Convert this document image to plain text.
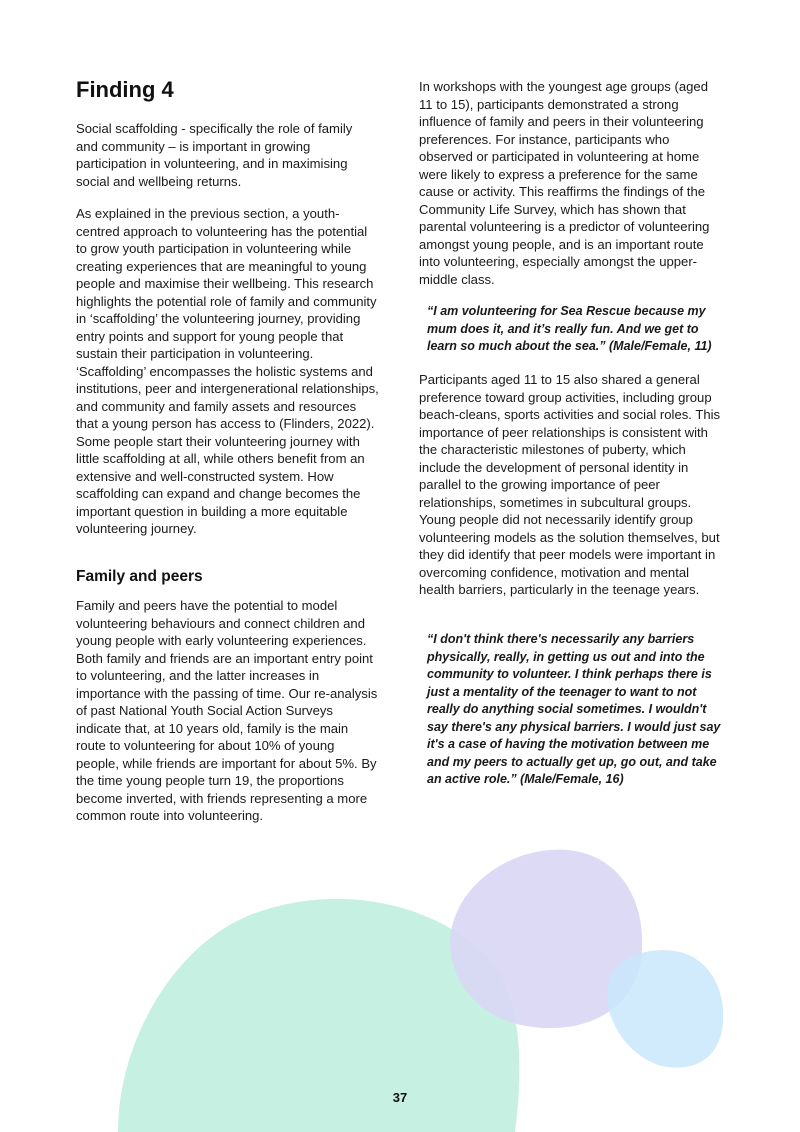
Finding 4

Social scaffolding - specifically the role of family and community – is important in growing participation in volunteering, and in maximising social and wellbeing returns.

As explained in the previous section, a youth-centred approach to volunteering has the potential to grow youth participation in volunteering while creating experiences that are meaningful to young people and maximise their wellbeing. This research highlights the potential role of family and community in ‘scaffolding’ the volunteering journey, providing entry points and support for young people that sustain their participation in volunteering. ‘Scaffolding’ encompasses the holistic systems and institutions, peer and intergenerational relationships, and community and family assets and resources that a young person has access to (Flinders, 2022). Some people start their volunteering journey with little scaffolding at all, while others benefit from an extensive and well-constructed system. How scaffolding can expand and change becomes the important question in building a more equitable volunteering journey.

Family and peers

Family and peers have the potential to model volunteering behaviours and connect children and young people with early volunteering experiences. Both family and friends are an important entry point to volunteering, and the latter increases in importance with the passing of time. Our re-analysis of past National Youth Social Action Surveys indicate that, at 10 years old, family is the main route to volunteering for about 10% of young people, while friends are important for about 5%. By the time young people turn 19, the proportions become inverted, with friends representing a more common route into volunteering.

In workshops with the youngest age groups (aged 11 to 15), participants demonstrated a strong influence of family and peers in their volunteering preferences. For instance, participants who observed or participated in volunteering at home were likely to express a preference for the same cause or activity. This reaffirms the findings of the Community Life Survey, which has shown that parental volunteering is a predictor of volunteering amongst young people, and is an important route into volunteering, especially amongst the upper-middle class.

“I am volunteering for Sea Rescue because my mum does it, and it’s really fun. And we get to learn so much about the sea.” (Male/Female, 11)

Participants aged 11 to 15 also shared a general preference toward group activities, including group beach-cleans, sports activities and social roles. This importance of peer relationships is consistent with the characteristic milestones of puberty, which include the development of personal identity in parallel to the growing importance of peer relationships, sometimes in subcultural groups. Young people did not necessarily identify group volunteering models as the solution themselves, but they did identify that peer models were important in overcoming confidence, motivation and mental health barriers, particularly in the teenage years.

“I don't think there's necessarily any barriers physically, really, in getting us out and into the community to volunteer. I think perhaps there is just a mentality of the teenager to want to not really do anything social sometimes. I wouldn't say there's any physical barriers. I would just say it's a case of having the motivation between me and my peers to actually get up, go out, and take an active role.” (Male/Female, 16)

37
